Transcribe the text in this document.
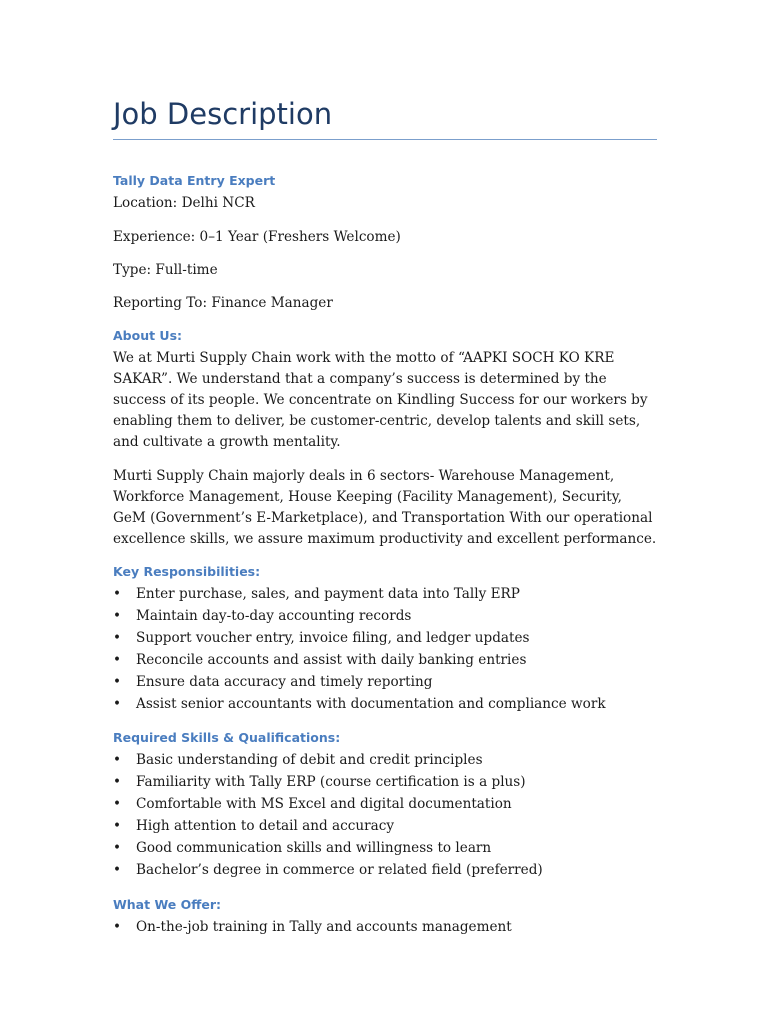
Job Description
Tally Data Entry Expert

Location: Delhi NCR

Experience: 0–1 Year (Freshers Welcome)

Type: Full-time

Reporting To: Finance Manager

About Us:

We at Murti Supply Chain work with the motto of “AAPKI SOCH KO KRE SAKAR”. We understand that a company’s success is determined by the success of its people. We concentrate on Kindling Success for our workers by enabling them to deliver, be customer-centric, develop talents and skill sets, and cultivate a growth mentality.

Murti Supply Chain majorly deals in 6 sectors- Warehouse Management, Workforce Management, House Keeping (Facility Management), Security, GeM (Government’s E-Marketplace), and Transportation With our operational excellence skills, we assure maximum productivity and excellent performance.

Key Responsibilities:
• Enter purchase, sales, and payment data into Tally ERP
• Maintain day-to-day accounting records
• Support voucher entry, invoice filing, and ledger updates
• Reconcile accounts and assist with daily banking entries
• Ensure data accuracy and timely reporting
• Assist senior accountants with documentation and compliance work
Required Skills & Qualifications:
• Basic understanding of debit and credit principles
• Familiarity with Tally ERP (course certification is a plus)
• Comfortable with MS Excel and digital documentation
• High attention to detail and accuracy
• Good communication skills and willingness to learn
• Bachelor’s degree in commerce or related field (preferred)
What We Offer:
• On-the-job training in Tally and accounts management
